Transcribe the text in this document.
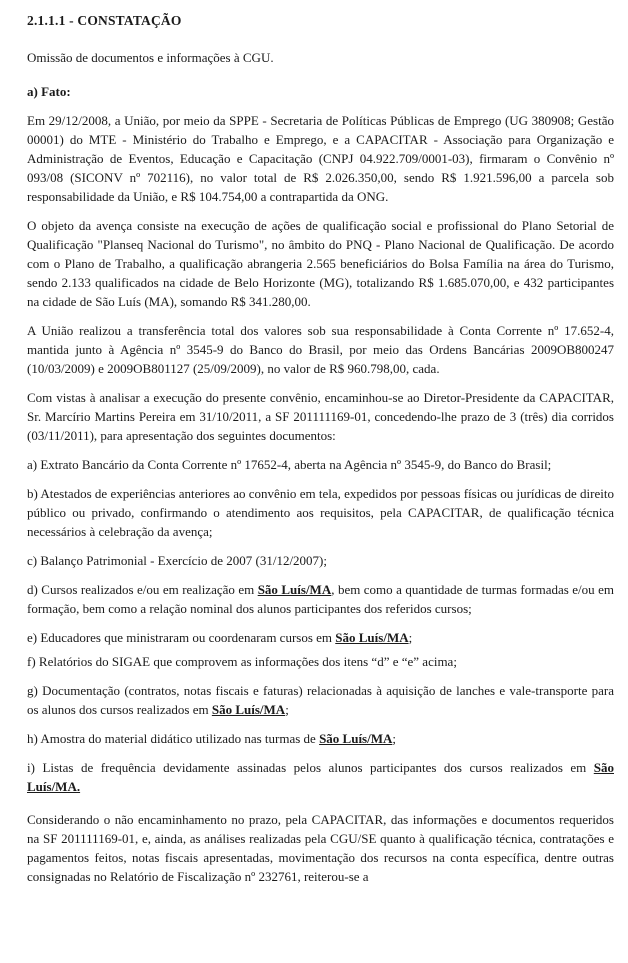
2.1.1.1 - CONSTATAÇÃO

Omissão de documentos e informações à CGU.

a) Fato:

Em 29/12/2008, a União, por meio da SPPE - Secretaria de Políticas Públicas de Emprego (UG 380908; Gestão 00001) do MTE - Ministério do Trabalho e Emprego, e a CAPACITAR - Associação para Organização e Administração de Eventos, Educação e Capacitação (CNPJ 04.922.709/0001-03), firmaram o Convênio nº 093/08 (SICONV nº 702116), no valor total de R$ 2.026.350,00, sendo R$ 1.921.596,00 a parcela sob responsabilidade da União, e R$ 104.754,00 a contrapartida da ONG.

O objeto da avença consiste na execução de ações de qualificação social e profissional do Plano Setorial de Qualificação "Planseq Nacional do Turismo", no âmbito do PNQ - Plano Nacional de Qualificação. De acordo com o Plano de Trabalho, a qualificação abrangeria 2.565 beneficiários do Bolsa Família na área do Turismo, sendo 2.133 qualificados na cidade de Belo Horizonte (MG), totalizando R$ 1.685.070,00, e 432 participantes na cidade de São Luís (MA), somando R$ 341.280,00.

A União realizou a transferência total dos valores sob sua responsabilidade à Conta Corrente nº 17.652-4, mantida junto à Agência nº 3545-9 do Banco do Brasil, por meio das Ordens Bancárias 2009OB800247 (10/03/2009) e 2009OB801127 (25/09/2009), no valor de R$ 960.798,00, cada.

Com vistas à analisar a execução do presente convênio, encaminhou-se ao Diretor-Presidente da CAPACITAR, Sr. Marcírio Martins Pereira em 31/10/2011, a SF 201111169-01, concedendo-lhe prazo de 3 (três) dia corridos (03/11/2011), para apresentação dos seguintes documentos:

a) Extrato Bancário da Conta Corrente nº 17652-4, aberta na Agência nº 3545-9, do Banco do Brasil;

b) Atestados de experiências anteriores ao convênio em tela, expedidos por pessoas físicas ou jurídicas de direito público ou privado, confirmando o atendimento aos requisitos, pela CAPACITAR, de qualificação técnica necessários à celebração da avença;

c) Balanço Patrimonial - Exercício de 2007 (31/12/2007);

d) Cursos realizados e/ou em realização em São Luís/MA, bem como a quantidade de turmas formadas e/ou em formação, bem como a relação nominal dos alunos participantes dos referidos cursos;

e) Educadores que ministraram ou coordenaram cursos em São Luís/MA;

f) Relatórios do SIGAE que comprovem as informações dos itens “d” e “e” acima;

g) Documentação (contratos, notas fiscais e faturas) relacionadas à aquisição de lanches e vale-transporte para os alunos dos cursos realizados em São Luís/MA;

h) Amostra do material didático utilizado nas turmas de São Luís/MA;

i) Listas de frequência devidamente assinadas pelos alunos participantes dos cursos realizados em São Luís/MA.

Considerando o não encaminhamento no prazo, pela CAPACITAR, das informações e documentos requeridos na SF 201111169-01, e, ainda, as análises realizadas pela CGU/SE quanto à qualificação técnica, contratações e pagamentos feitos, notas fiscais apresentadas, movimentação dos recursos na conta específica, dentre outras consignadas no Relatório de Fiscalização nº 232761, reiterou-se a
